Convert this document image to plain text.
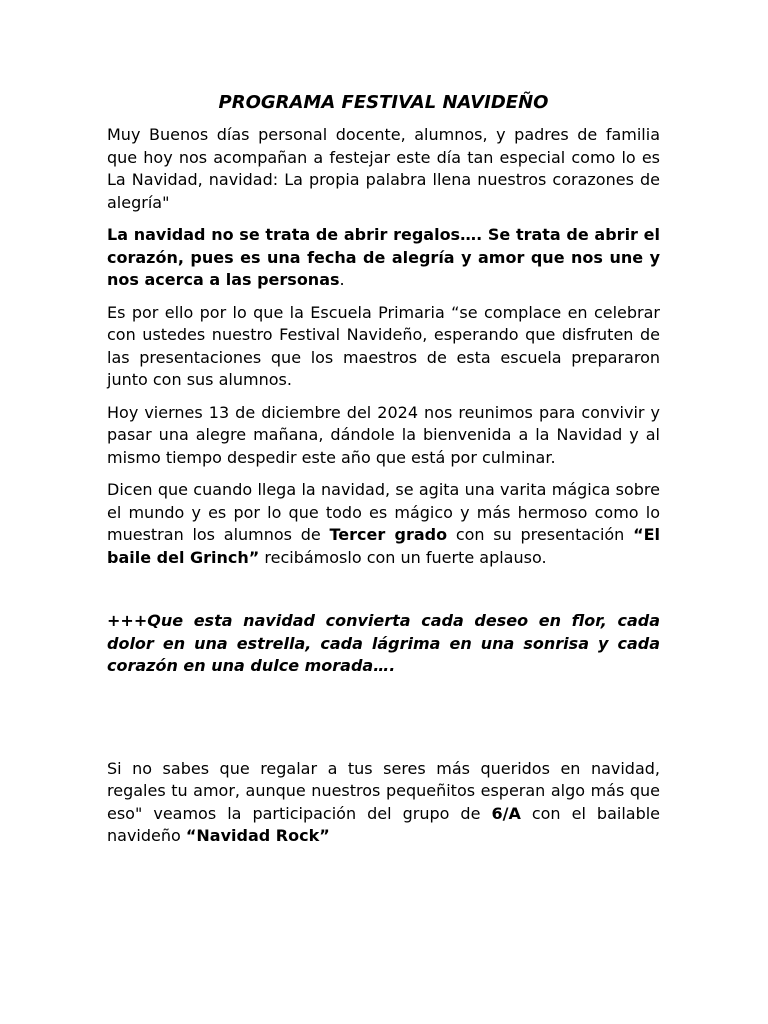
PROGRAMA FESTIVAL NAVIDEÑO

Muy Buenos días personal docente, alumnos, y padres de familia que hoy nos acompañan a festejar este día tan especial como lo es La Navidad, navidad: La propia palabra llena nuestros corazones de alegría"

La navidad no se trata de abrir regalos…. Se trata de abrir el corazón, pues es una fecha de alegría y amor que nos une y nos acerca a las personas.

Es por ello por lo que la Escuela Primaria “se complace en celebrar con ustedes nuestro Festival Navideño, esperando que disfruten de las presentaciones que los maestros de esta escuela prepararon junto con sus alumnos.

Hoy viernes 13 de diciembre del 2024 nos reunimos para convivir y pasar una alegre mañana, dándole la bienvenida a la Navidad y al mismo tiempo despedir este año que está por culminar.

Dicen que cuando llega la navidad, se agita una varita mágica sobre el mundo y es por lo que todo es mágico y más hermoso como lo muestran los alumnos de Tercer grado con su presentación “El baile del Grinch” recibámoslo con un fuerte aplauso.

+++Que esta navidad convierta cada deseo en flor, cada dolor en una estrella, cada lágrima en una sonrisa y cada corazón en una dulce morada….

Si no sabes que regalar a tus seres más queridos en navidad, regales tu amor, aunque nuestros pequeñitos esperan algo más que eso" veamos la participación del grupo de 6/A con el bailable navideño “Navidad Rock”
